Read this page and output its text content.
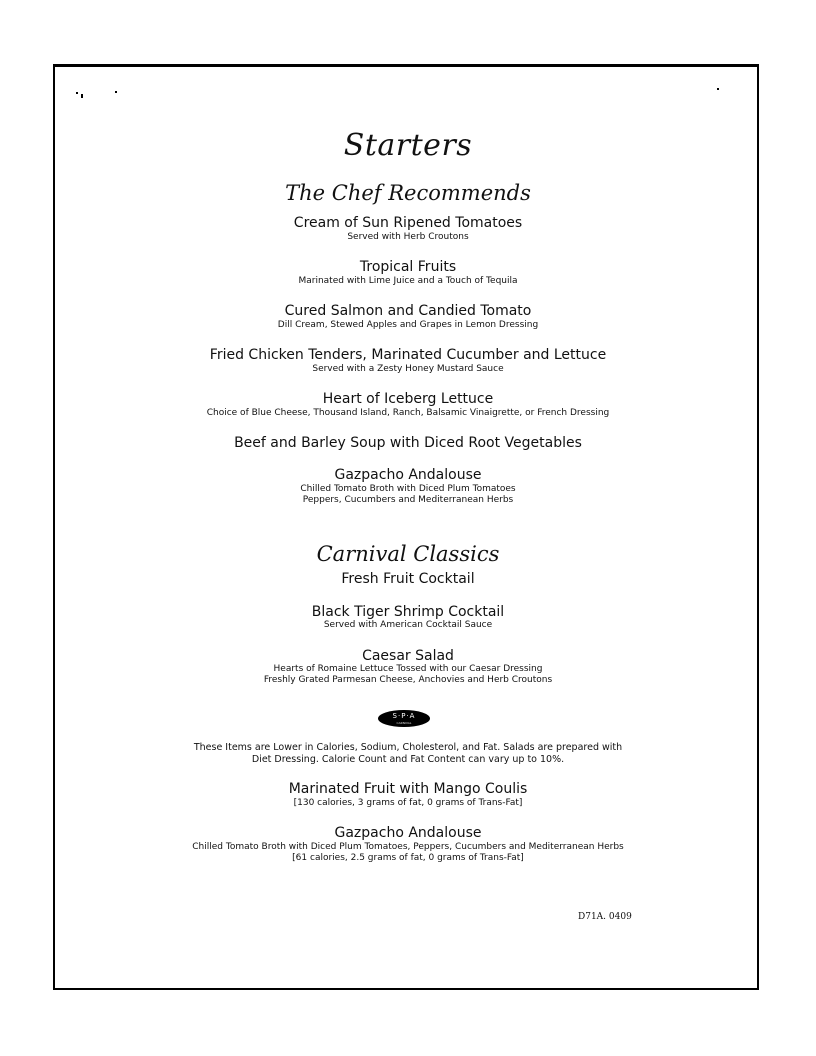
Starters
The Chef Recommends
Cream of Sun Ripened Tomatoes
Served with Herb Croutons
Tropical Fruits
Marinated with Lime Juice and a Touch of Tequila
Cured Salmon and Candied Tomato
Dill Cream, Stewed Apples and Grapes in Lemon Dressing
Fried Chicken Tenders, Marinated Cucumber and Lettuce
Served with a Zesty Honey Mustard Sauce
Heart of Iceberg Lettuce
Choice of Blue Cheese, Thousand Island, Ranch, Balsamic Vinaigrette, or French Dressing
Beef and Barley Soup with Diced Root Vegetables
Gazpacho Andalouse
Chilled Tomato Broth with Diced Plum Tomatoes
Peppers, Cucumbers and Mediterranean Herbs
Carnival Classics
Fresh Fruit Cocktail
Black Tiger Shrimp Cocktail
Served with American Cocktail Sauce
Caesar Salad
Hearts of Romaine Lettuce Tossed with our Caesar Dressing
Freshly Grated Parmesan Cheese, Anchovies and Herb Croutons
S·P·A
CARNIVAL
These Items are Lower in Calories, Sodium, Cholesterol, and Fat. Salads are prepared with
Diet Dressing. Calorie Count and Fat Content can vary up to 10%.
Marinated Fruit with Mango Coulis
[130 calories, 3 grams of fat, 0 grams of Trans-Fat]
Gazpacho Andalouse
Chilled Tomato Broth with Diced Plum Tomatoes, Peppers, Cucumbers and Mediterranean Herbs
[61 calories, 2.5 grams of fat, 0 grams of Trans-Fat]
D71A. 0409
